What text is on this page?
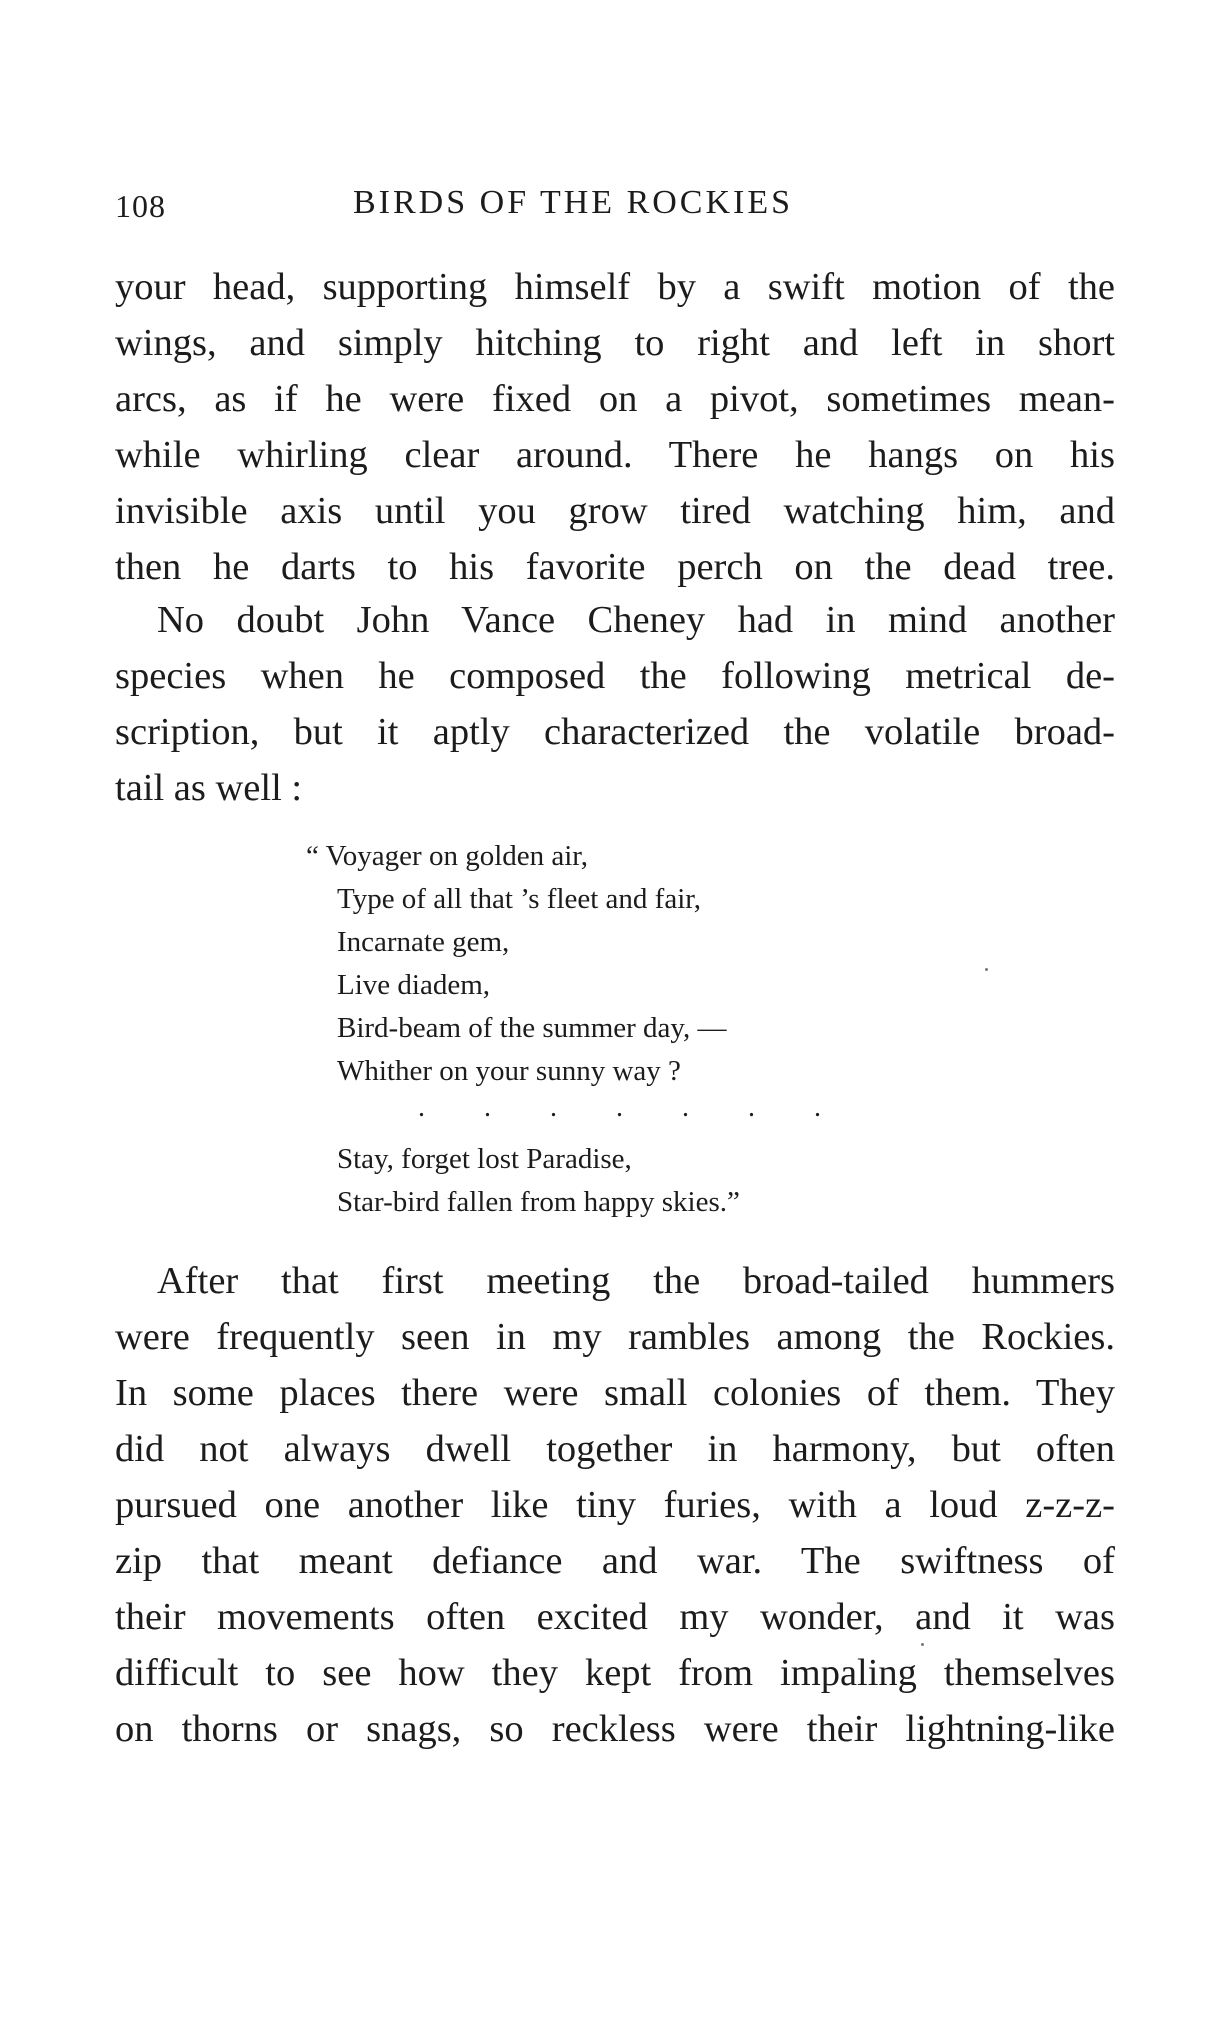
108	BIRDS OF THE ROCKIES
your head, supporting himself by a swift motion of the
wings, and simply hitching to right and left in short
arcs, as if he were fixed on a pivot, sometimes mean-
while whirling clear around. There he hangs on his
invisible axis until you grow tired watching him, and
then he darts to his favorite perch on the dead tree.
No doubt John Vance Cheney had in mind another
species when he composed the following metrical de-
scription, but it aptly characterized the volatile broad-
tail as well :
“ Voyager on golden air,
Type of all that ’s fleet and fair,
Incarnate gem,
Live diadem,
Bird-beam of the summer day, —
Whither on your sunny way ?
. . . . . . .
Stay, forget lost Paradise,
Star-bird fallen from happy skies.”
After that first meeting the broad-tailed hummers
were frequently seen in my rambles among the Rockies.
In some places there were small colonies of them. They
did not always dwell together in harmony, but often
pursued one another like tiny furies, with a loud z-z-z-
zip that meant defiance and war. The swiftness of
their movements often excited my wonder, and it was
difficult to see how they kept from impaling themselves
on thorns or snags, so reckless were their lightning-like
